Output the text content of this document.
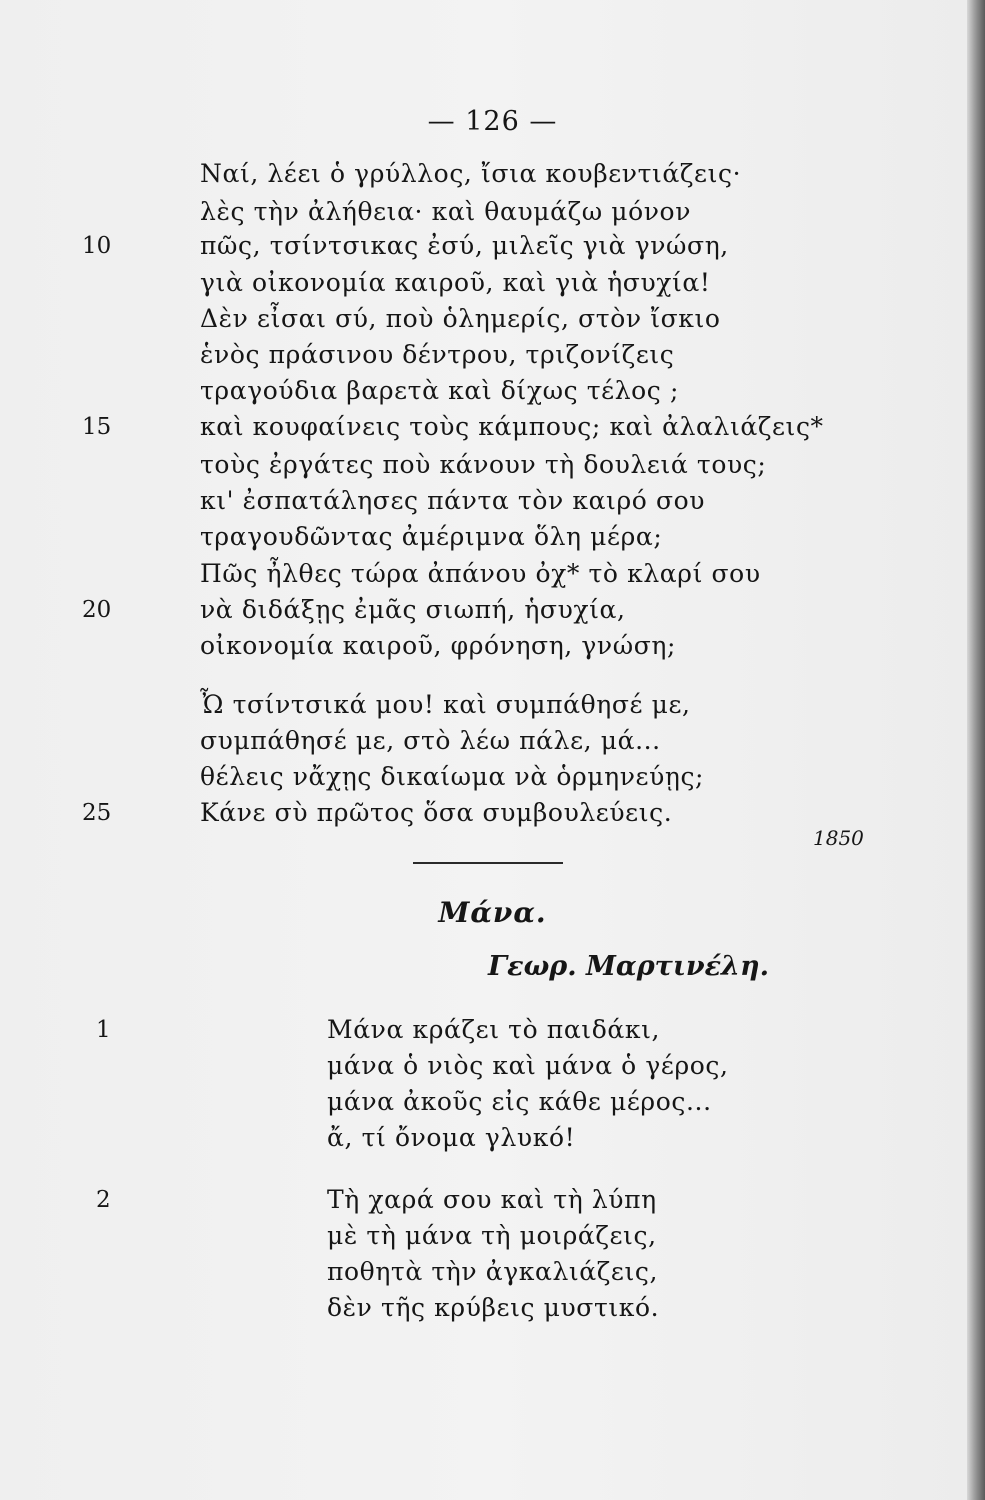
— 126 —
Ναί, λέει ὁ γρύλλος, ἴσια κουβεντιάζεις·
λὲς τὴν ἀλήθεια· καὶ θαυμάζω μόνον
πῶς, τσίντσικας ἐσύ, μιλεῖς γιὰ γνώση,
γιὰ οἰκονομία καιροῦ, καὶ γιὰ ἡσυχία!
Δὲν εἶσαι σύ, ποὺ ὁλημερίς, στὸν ἴσκιο
ἑνὸς πράσινου δέντρου, τριζονίζεις
τραγούδια βαρετὰ καὶ δίχως τέλος ;
καὶ κουφαίνεις τοὺς κάμπους; καὶ ἀλαλιάζεις*
τοὺς ἐργάτες ποὺ κάνουν τὴ δουλειά τους;
κι' ἐσπατάλησες πάντα τὸν καιρό σου
τραγουδῶντας ἀμέριμνα ὅλη μέρα;
Πῶς ἦλθες τώρα ἀπάνου ὀχ* τὸ κλαρί σου
νὰ διδάξῃς ἐμᾶς σιωπή, ἡσυχία,
οἰκονομία καιροῦ, φρόνηση, γνώση;
Ὦ τσίντσικά μου! καὶ συμπάθησέ με,
συμπάθησέ με, στὸ λέω πάλε, μά...
θέλεις νἄχῃς δικαίωμα νὰ ὁρμηνεύῃς;
Κάνε σὺ πρῶτος ὅσα συμβουλεύεις.
10
15
20
25
1850
Μάνα.
Γεωρ. Μαρτινέλη.
1	Μάνα κράζει τὸ παιδάκι,
μάνα ὁ νιὸς καὶ μάνα ὁ γέρος,
μάνα ἀκοῦς εἰς κάθε μέρος...
ἄ, τί ὄνομα γλυκό!
2	Τὴ χαρά σου καὶ τὴ λύπη
μὲ τὴ μάνα τὴ μοιράζεις,
ποθητὰ τὴν ἀγκαλιάζεις,
δὲν τῆς κρύβεις μυστικό.
